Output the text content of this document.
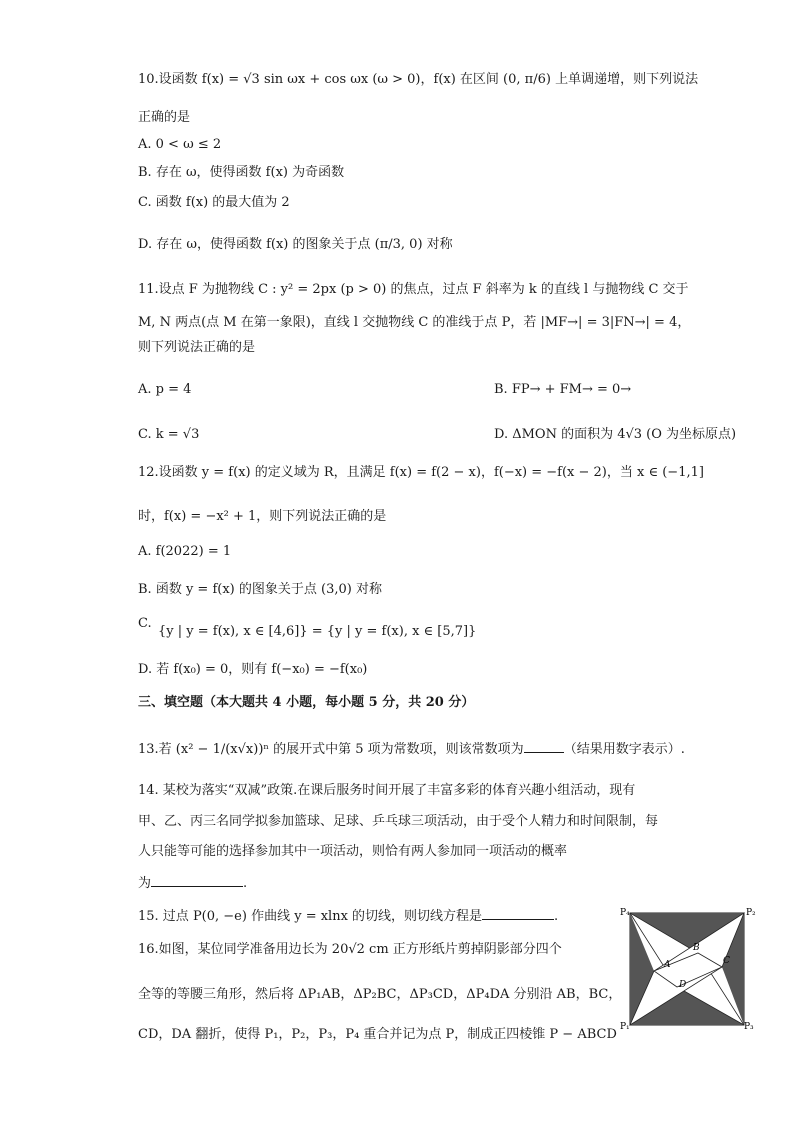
10.设函数 f(x) = √3 sin ωx + cos ωx (ω > 0)，f(x) 在区间 (0, π/6) 上单调递增，则下列说法
正确的是
A. 0 < ω ≤ 2
B. 存在 ω，使得函数 f(x) 为奇函数
C. 函数 f(x) 的最大值为 2
D. 存在 ω，使得函数 f(x) 的图象关于点 (π/3, 0) 对称
11.设点 F 为抛物线 C : y² = 2px (p > 0) 的焦点，过点 F 斜率为 k 的直线 l 与抛物线 C 交于
M, N 两点(点 M 在第一象限)，直线 l 交抛物线 C 的准线于点 P，若 |MF→| = 3|FN→| = 4，
则下列说法正确的是
A. p = 4	B. FP→ + FM→ = 0→
C. k = √3	D. ΔMON 的面积为 4√3 (O 为坐标原点)
12.设函数 y = f(x) 的定义域为 R，且满足 f(x) = f(2 − x)，f(−x) = −f(x − 2)，当 x ∈ (−1,1]
时，f(x) = −x² + 1，则下列说法正确的是
A. f(2022) = 1
B. 函数 y = f(x) 的图象关于点 (3,0) 对称
C.
{y | y = f(x), x ∈ [4,6]} = {y | y = f(x), x ∈ [5,7]}
D. 若 f(x₀) = 0，则有 f(−x₀) = −f(x₀)
三、填空题（本大题共 4 小题，每小题 5 分，共 20 分）
13.若 (x² − 1/(x√x))ⁿ 的展开式中第 5 项为常数项，则该常数项为	（结果用数字表示）.
14. 某校为落实“双减”政策.在课后服务时间开展了丰富多彩的体育兴趣小组活动，现有
甲、乙、丙三名同学拟参加篮球、足球、乒乓球三项活动，由于受个人精力和时间限制，每
人只能等可能的选择参加其中一项活动，则恰有两人参加同一项活动的概率
为	.
15. 过点 P(0, −e) 作曲线 y = xlnx 的切线，则切线方程是	.
16.如图，某位同学准备用边长为 20√2 cm 正方形纸片剪掉阴影部分四个
全等的等腰三角形，然后将 ΔP₁AB，ΔP₂BC，ΔP₃CD，ΔP₄DA 分别沿 AB，BC，
CD，DA 翻折，使得 P₁，P₂，P₃，P₄ 重合并记为点 P，制成正四棱锥 P − ABCD
P₄	P₂
P₁	P₃
A
B
C
D
